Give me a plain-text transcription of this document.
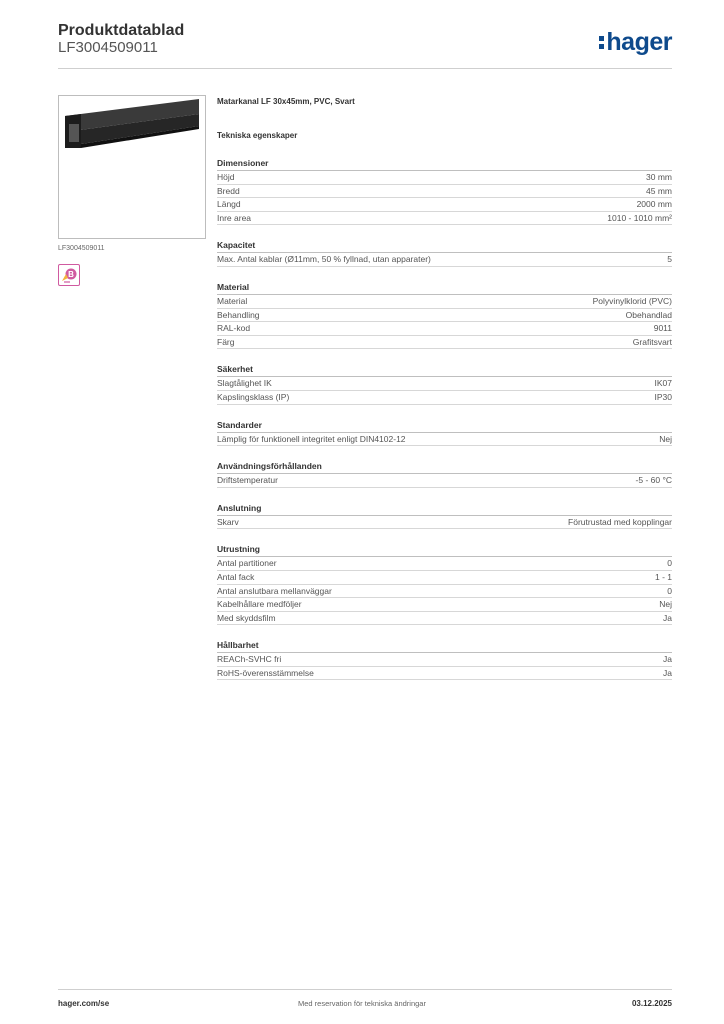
Produktdatablad
LF3004509011	hager
LF3004509011
B
Matarkanal LF 30x45mm, PVC, Svart
Tekniska egenskaper
Dimensioner
Höjd	30 mm
Bredd	45 mm
Längd	2000 mm
Inre area	1010 - 1010 mm²
Kapacitet
Max. Antal kablar (Ø11mm, 50 % fyllnad, utan apparater)	5
Material
Material	Polyvinylklorid (PVC)
Behandling	Obehandlad
RAL-kod	9011
Färg	Grafitsvart
Säkerhet
Slagtålighet IK	IK07
Kapslingsklass (IP)	IP30
Standarder
Lämplig för funktionell integritet enligt DIN4102-12	Nej
Användningsförhållanden
Driftstemperatur	-5 - 60 °C
Anslutning
Skarv	Förutrustad med kopplingar
Utrustning
Antal partitioner	0
Antal fack	1 - 1
Antal anslutbara mellanväggar	0
Kabelhållare medföljer	Nej
Med skyddsfilm	Ja
Hållbarhet
REACh-SVHC fri	Ja
RoHS-överensstämmelse	Ja
hager.com/se	Med reservation för tekniska ändringar	03.12.2025
